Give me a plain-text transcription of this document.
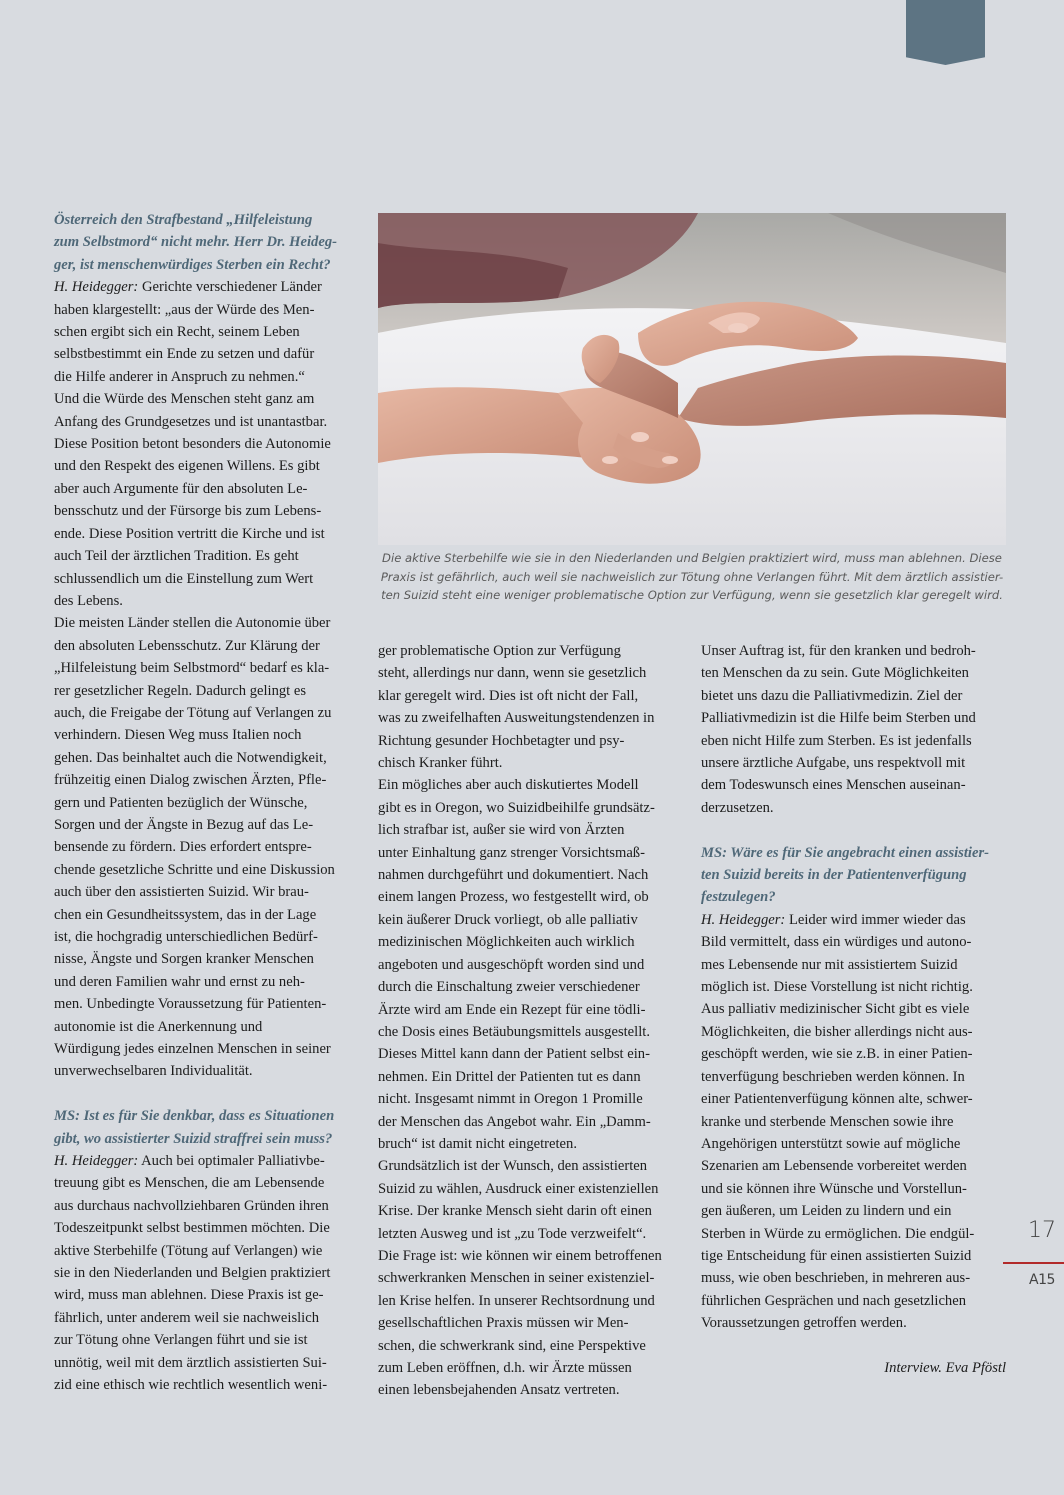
Österreich den Strafbestand „Hilfeleistung
zum Selbstmord“ nicht mehr. Herr Dr. Heideg-
ger, ist menschenwürdiges Sterben ein Recht?

H. Heidegger: Gerichte verschiedener Länder
haben klargestellt: „aus der Würde des Men-
schen ergibt sich ein Recht, seinem Leben
selbstbestimmt ein Ende zu setzen und dafür
die Hilfe anderer in Anspruch zu nehmen.“
Und die Würde des Menschen steht ganz am
Anfang des Grundgesetzes und ist unantastbar.
Diese Position betont besonders die Autonomie
und den Respekt des eigenen Willens. Es gibt
aber auch Argumente für den absoluten Le-
bensschutz und der Fürsorge bis zum Lebens-
ende. Diese Position vertritt die Kirche und ist
auch Teil der ärztlichen Tradition. Es geht
schlussendlich um die Einstellung zum Wert
des Lebens.
Die meisten Länder stellen die Autonomie über
den absoluten Lebensschutz. Zur Klärung der
„Hilfeleistung beim Selbstmord“ bedarf es kla-
rer gesetzlicher Regeln. Dadurch gelingt es
auch, die Freigabe der Tötung auf Verlangen zu
verhindern. Diesen Weg muss Italien noch
gehen. Das beinhaltet auch die Notwendigkeit,
frühzeitig einen Dialog zwischen Ärzten, Pfle-
gern und Patienten bezüglich der Wünsche,
Sorgen und der Ängste in Bezug auf das Le-
bensende zu fördern. Dies erfordert entspre-
chende gesetzliche Schritte und eine Diskussion
auch über den assistierten Suizid. Wir brau-
chen ein Gesundheitssystem, das in der Lage
ist, die hochgradig unterschiedlichen Bedürf-
nisse, Ängste und Sorgen kranker Menschen
und deren Familien wahr und ernst zu neh-
men. Unbedingte Voraussetzung für Patienten-
autonomie ist die Anerkennung und
Würdigung jedes einzelnen Menschen in seiner
unverwechselbaren Individualität.

MS: Ist es für Sie denkbar, dass es Situationen
gibt, wo assistierter Suizid straffrei sein muss?

H. Heidegger: Auch bei optimaler Palliativbe-
treuung gibt es Menschen, die am Lebensende
aus durchaus nachvollziehbaren Gründen ihren
Todeszeitpunkt selbst bestimmen möchten. Die
aktive Sterbehilfe (Tötung auf Verlangen) wie
sie in den Niederlanden und Belgien praktiziert
wird, muss man ablehnen. Diese Praxis ist ge-
fährlich, unter anderem weil sie nachweislich
zur Tötung ohne Verlangen führt und sie ist
unnötig, weil mit dem ärztlich assistierten Sui-
zid eine ethisch wie rechtlich wesentlich weni-

Die aktive Sterbehilfe wie sie in den Niederlanden und Belgien praktiziert wird, muss man ablehnen. Diese
Praxis ist gefährlich, auch weil sie nachweislich zur Tötung ohne Verlangen führt. Mit dem ärztlich assistier-
ten Suizid steht eine weniger problematische Option zur Verfügung, wenn sie gesetzlich klar geregelt wird.

ger problematische Option zur Verfügung
steht, allerdings nur dann, wenn sie gesetzlich
klar geregelt wird. Dies ist oft nicht der Fall,
was zu zweifelhaften Ausweitungstendenzen in
Richtung gesunder Hochbetagter und psy-
chisch Kranker führt.
Ein mögliches aber auch diskutiertes Modell
gibt es in Oregon, wo Suizidbeihilfe grundsätz-
lich strafbar ist, außer sie wird von Ärzten
unter Einhaltung ganz strenger Vorsichtsmaß-
nahmen durchgeführt und dokumentiert. Nach
einem langen Prozess, wo festgestellt wird, ob
kein äußerer Druck vorliegt, ob alle palliativ
medizinischen Möglichkeiten auch wirklich
angeboten und ausgeschöpft worden sind und
durch die Einschaltung zweier verschiedener
Ärzte wird am Ende ein Rezept für eine tödli-
che Dosis eines Betäubungsmittels ausgestellt.
Dieses Mittel kann dann der Patient selbst ein-
nehmen. Ein Drittel der Patienten tut es dann
nicht. Insgesamt nimmt in Oregon 1 Promille
der Menschen das Angebot wahr. Ein „Damm-
bruch“ ist damit nicht eingetreten.
Grundsätzlich ist der Wunsch, den assistierten
Suizid zu wählen, Ausdruck einer existenziellen
Krise. Der kranke Mensch sieht darin oft einen
letzten Ausweg und ist „zu Tode verzweifelt“.
Die Frage ist: wie können wir einem betroffenen
schwerkranken Menschen in seiner existenziel-
len Krise helfen. In unserer Rechtsordnung und
gesellschaftlichen Praxis müssen wir Men-
schen, die schwerkrank sind, eine Perspektive
zum Leben eröffnen, d.h. wir Ärzte müssen
einen lebensbejahenden Ansatz vertreten.

Unser Auftrag ist, für den kranken und bedroh-
ten Menschen da zu sein. Gute Möglichkeiten
bietet uns dazu die Palliativmedizin. Ziel der
Palliativmedizin ist die Hilfe beim Sterben und
eben nicht Hilfe zum Sterben. Es ist jedenfalls
unsere ärztliche Aufgabe, uns respektvoll mit
dem Todeswunsch eines Menschen auseinan-
derzusetzen.

MS: Wäre es für Sie angebracht einen assistier-
ten Suizid bereits in der Patientenverfügung
festzulegen?

H. Heidegger: Leider wird immer wieder das
Bild vermittelt, dass ein würdiges und autono-
mes Lebensende nur mit assistiertem Suizid
möglich ist. Diese Vorstellung ist nicht richtig.
Aus palliativ medizinischer Sicht gibt es viele
Möglichkeiten, die bisher allerdings nicht aus-
geschöpft werden, wie sie z.B. in einer Patien-
tenverfügung beschrieben werden können. In
einer Patientenverfügung können alte, schwer-
kranke und sterbende Menschen sowie ihre
Angehörigen unterstützt sowie auf mögliche
Szenarien am Lebensende vorbereitet werden
und sie können ihre Wünsche und Vorstellun-
gen äußeren, um Leiden zu lindern und ein
Sterben in Würde zu ermöglichen. Die endgül-
tige Entscheidung für einen assistierten Suizid
muss, wie oben beschrieben, in mehreren aus-
führlichen Gesprächen und nach gesetzlichen
Voraussetzungen getroffen werden.

Interview. Eva Pföstl

17
A15
